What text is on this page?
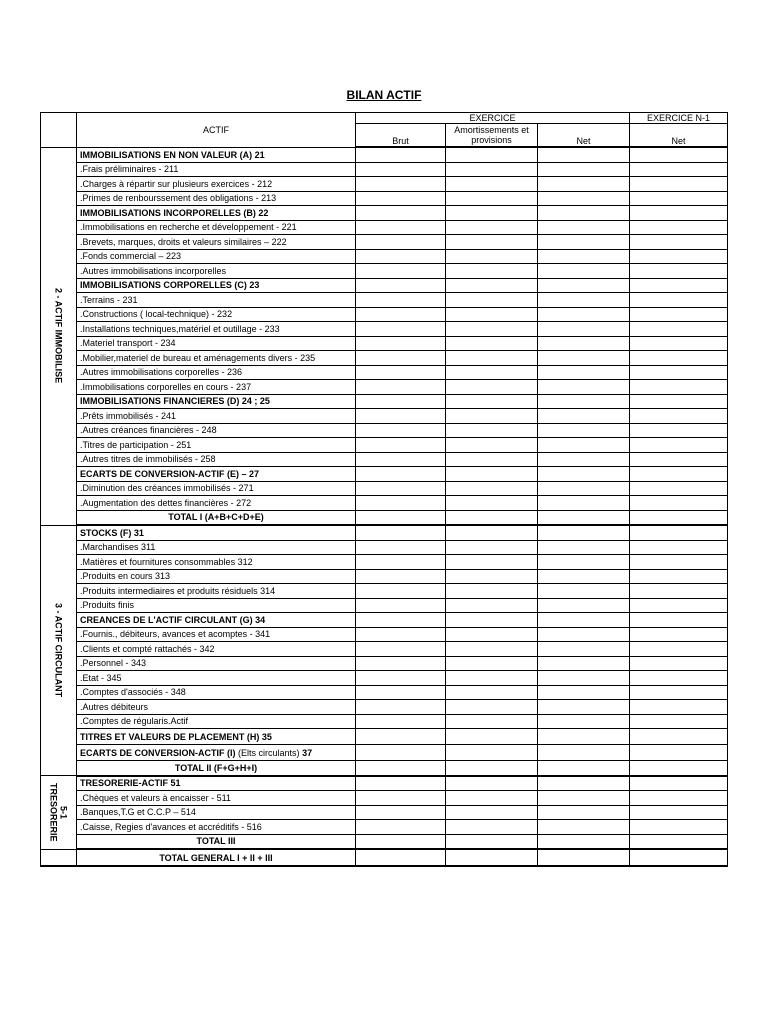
BILAN ACTIF
	ACTIF	EXERCICE			EXERCICE N-1
		Brut	Amortissements et provisions	Net	Net

2 - ACTIF IMMOBILISE	IMMOBILISATIONS EN NON VALEUR (A) 21				
	.Frais préliminaires - 211				
	.Charges à répartir sur plusieurs exercices - 212				
	.Primes de renbourssement des obligations - 213				
	IMMOBILISATIONS INCORPORELLES (B) 22				
	.Immobilisations en recherche et développement - 221				
	.Brevets, marques, droits et valeurs similaires – 222				
	.Fonds commercial – 223				
	.Autres immobilisations incorporelles				
	IMMOBILISATIONS CORPORELLES (C) 23				
	.Terrains - 231				
	.Constructions ( local-technique) - 232				
	.Installations techniques,matériel et outillage - 233				
	.Materiel transport - 234				
	.Mobilier,materiel de bureau et aménagements divers - 235				
	.Autres immobilisations corporelles - 236				
	.Immobilisations corporelles en cours - 237				
	IMMOBILISATIONS FINANCIERES (D) 24 ; 25				
	.Prêts immobilisés - 241				
	.Autres créances financières - 248				
	.Titres de participation - 251				
	.Autres titres de immobilisés - 258				
	ECARTS DE CONVERSION-ACTIF (E) – 27				
	.Diminution des créances immobilisés - 271				
	.Augmentation des dettes financières - 272				
	TOTAL I (A+B+C+D+E)				

3 - ACTIF CIRCULANT	STOCKS (F) 31				
	.Marchandises 311				
	.Matières et fournitures consommables 312				
	.Produits en cours 313				
	.Produits intermediaires et produits résiduels 314				
	.Produits finis				
	CREANCES DE L'ACTIF CIRCULANT (G) 34				
	.Fournis., débiteurs, avances et acomptes - 341				
	.Clients et compté rattachés - 342				
	.Personnel - 343				
	.Etat - 345				
	.Comptes d'associés - 348				
	.Autres débiteurs				
	.Comptes de régularis.Actif				
	TITRES ET VALEURS DE PLACEMENT (H) 35				
	ECARTS DE CONVERSION-ACTIF (I) (Elts circulants) 37				
	TOTAL II (F+G+H+I)				

5-1
TRESORERIE	TRESORERIE-ACTIF 51				
	.Chèques et valeurs à encaisser - 511				
	.Banques,T.G et C.C.P – 514				
	.Caisse, Regies d'avances et accréditifs - 516				
	TOTAL III				
	TOTAL GENERAL I + II + III				
